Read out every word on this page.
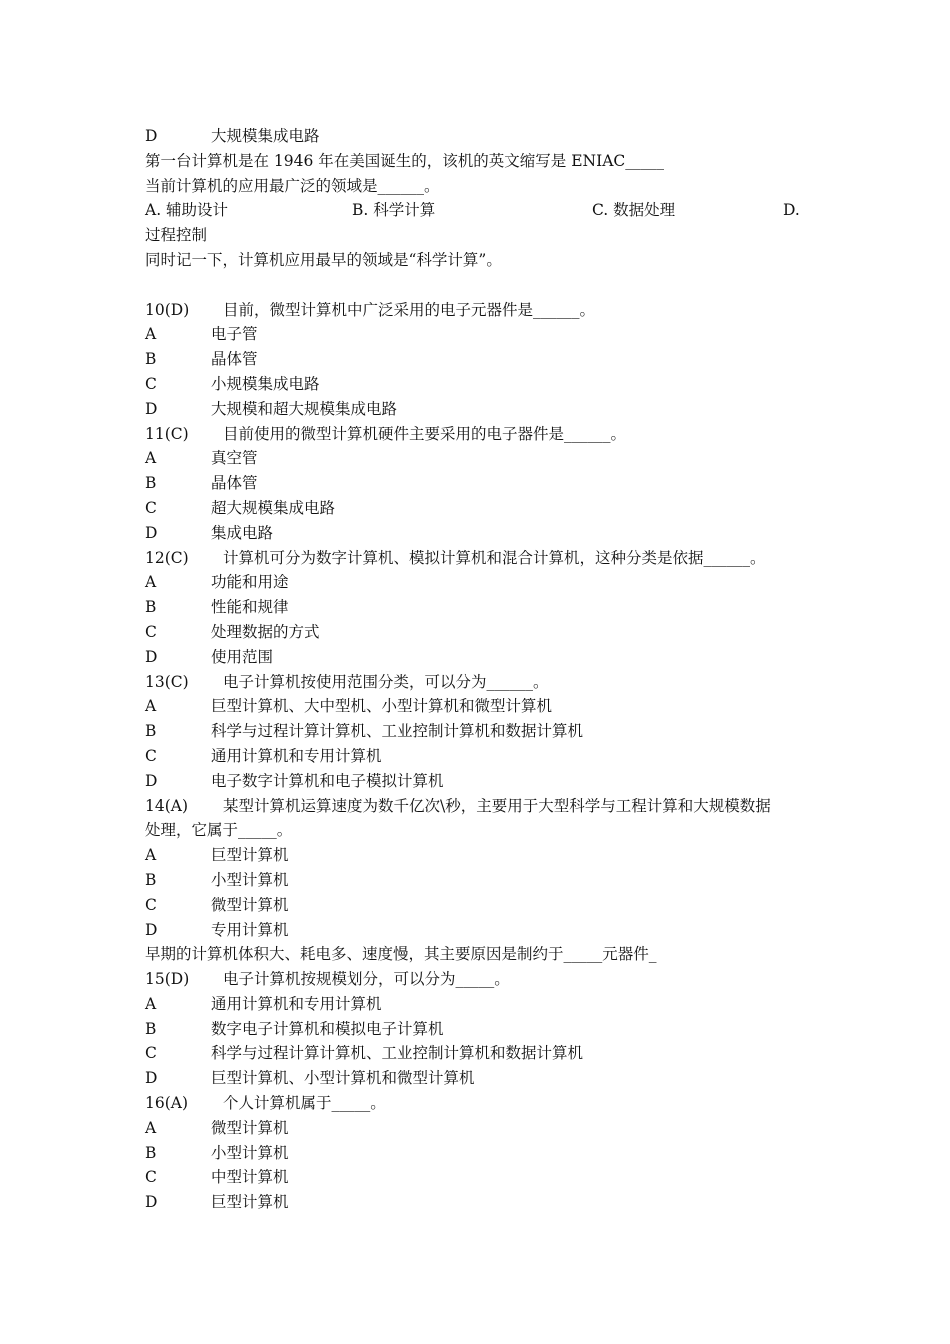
D	大规模集成电路
第一台计算机是在 1946 年在美国诞生的，该机的英文缩写是 ENIAC_____
当前计算机的应用最广泛的领域是______。
A. 辅助设计	B. 科学计算	C. 数据处理	D.
过程控制
同时记一下，计算机应用最早的领域是“科学计算”。
10(D) 目前，微型计算机中广泛采用的电子元器件是______。
A	电子管
B	晶体管
C	小规模集成电路
D	大规模和超大规模集成电路
11(C) 目前使用的微型计算机硬件主要采用的电子器件是______。
A	真空管
B	晶体管
C	超大规模集成电路
D	集成电路
12(C) 计算机可分为数字计算机、模拟计算机和混合计算机，这种分类是依据______。
A	功能和用途
B	性能和规律
C	处理数据的方式
D	使用范围
13(C) 电子计算机按使用范围分类，可以分为______。
A	巨型计算机、大中型机、小型计算机和微型计算机
B	科学与过程计算计算机、工业控制计算机和数据计算机
C	通用计算机和专用计算机
D	电子数字计算机和电子模拟计算机
14(A) 某型计算机运算速度为数千亿次\秒，主要用于大型科学与工程计算和大规模数据
处理，它属于_____。
A	巨型计算机
B	小型计算机
C	微型计算机
D	专用计算机
早期的计算机体积大、耗电多、速度慢，其主要原因是制约于_____元器件_
15(D) 电子计算机按规模划分，可以分为_____。
A	通用计算机和专用计算机
B	数字电子计算机和模拟电子计算机
C	科学与过程计算计算机、工业控制计算机和数据计算机
D	巨型计算机、小型计算机和微型计算机
16(A) 个人计算机属于_____。
A	微型计算机
B	小型计算机
C	中型计算机
D	巨型计算机
